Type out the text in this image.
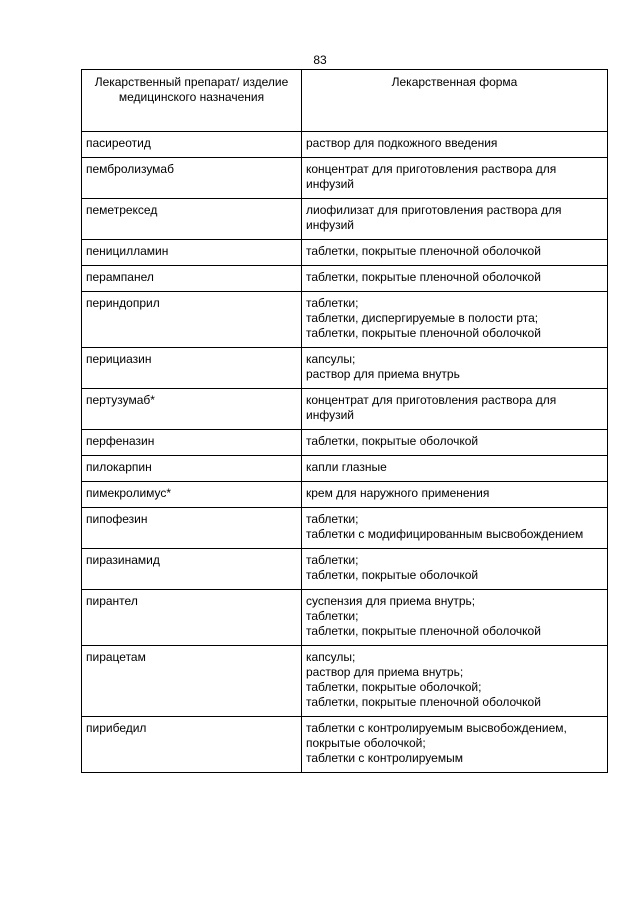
83
Лекарственный препарат/ изделие медицинского назначения	Лекарственная форма
пасиреотид	раствор для подкожного введения

пембролизумаб	концентрат для приготовления раствора для инфузий

пеметрексед	лиофилизат для приготовления раствора для инфузий

пеницилламин	таблетки, покрытые пленочной оболочкой

перампанел	таблетки, покрытые пленочной оболочкой

периндоприл	таблетки;
таблетки, диспергируемые в полости рта;
таблетки, покрытые пленочной оболочкой

перициазин	капсулы;
раствор для приема внутрь

пертузумаб*	концентрат для приготовления раствора для инфузий

перфеназин	таблетки, покрытые оболочкой

пилокарпин	капли глазные

пимекролимус*	крем для наружного применения

пипофезин	таблетки;
таблетки с модифицированным высвобождением

пиразинамид	таблетки;
таблетки, покрытые оболочкой

пирантел	суспензия для приема внутрь;
таблетки;
таблетки, покрытые пленочной оболочкой

пирацетам	капсулы;
раствор для приема внутрь;
таблетки, покрытые оболочкой;
таблетки, покрытые пленочной оболочкой

пирибедил	таблетки с контролируемым высвобождением, покрытые оболочкой;
таблетки с контролируемым
